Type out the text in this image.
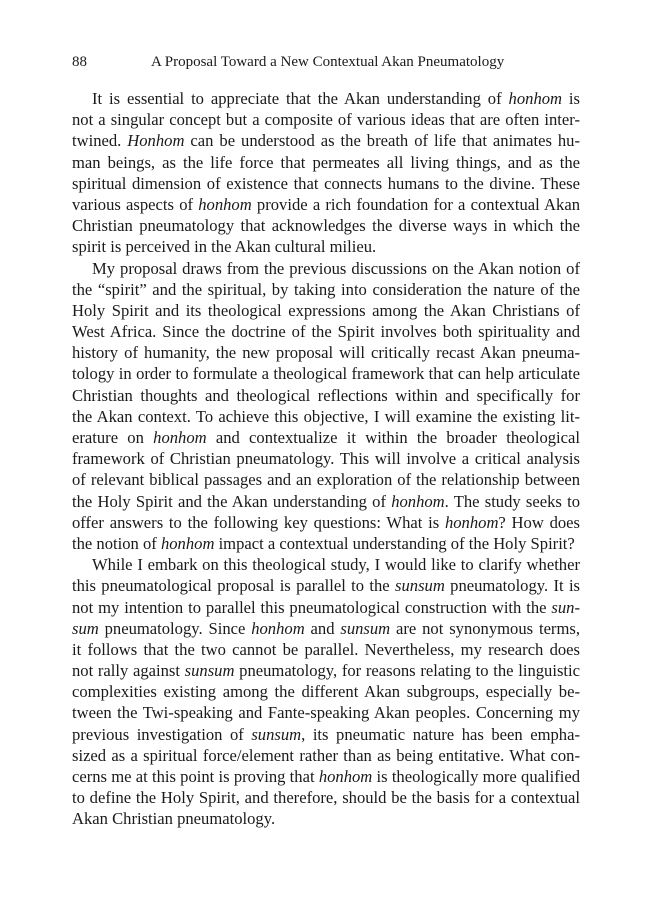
88	A Proposal Toward a New Contextual Akan Pneumatology
It is essential to appreciate that the Akan understanding of honhom is
not a singular concept but a composite of various ideas that are often inter-
twined. Honhom can be understood as the breath of life that animates hu-
man beings, as the life force that permeates all living things, and as the
spiritual dimension of existence that connects humans to the divine. These
various aspects of honhom provide a rich foundation for a contextual Akan
Christian pneumatology that acknowledges the diverse ways in which the
spirit is perceived in the Akan cultural milieu.
My proposal draws from the previous discussions on the Akan notion of
the “spirit” and the spiritual, by taking into consideration the nature of the
Holy Spirit and its theological expressions among the Akan Christians of
West Africa. Since the doctrine of the Spirit involves both spirituality and
history of humanity, the new proposal will critically recast Akan pneuma-
tology in order to formulate a theological framework that can help articulate
Christian thoughts and theological reflections within and specifically for
the Akan context. To achieve this objective, I will examine the existing lit-
erature on honhom and contextualize it within the broader theological
framework of Christian pneumatology. This will involve a critical analysis
of relevant biblical passages and an exploration of the relationship between
the Holy Spirit and the Akan understanding of honhom. The study seeks to
offer answers to the following key questions: What is honhom? How does
the notion of honhom impact a contextual understanding of the Holy Spirit?
While I embark on this theological study, I would like to clarify whether
this pneumatological proposal is parallel to the sunsum pneumatology. It is
not my intention to parallel this pneumatological construction with the sun-
sum pneumatology. Since honhom and sunsum are not synonymous terms,
it follows that the two cannot be parallel. Nevertheless, my research does
not rally against sunsum pneumatology, for reasons relating to the linguistic
complexities existing among the different Akan subgroups, especially be-
tween the Twi-speaking and Fante-speaking Akan peoples. Concerning my
previous investigation of sunsum, its pneumatic nature has been empha-
sized as a spiritual force/element rather than as being entitative. What con-
cerns me at this point is proving that honhom is theologically more qualified
to define the Holy Spirit, and therefore, should be the basis for a contextual
Akan Christian pneumatology.
